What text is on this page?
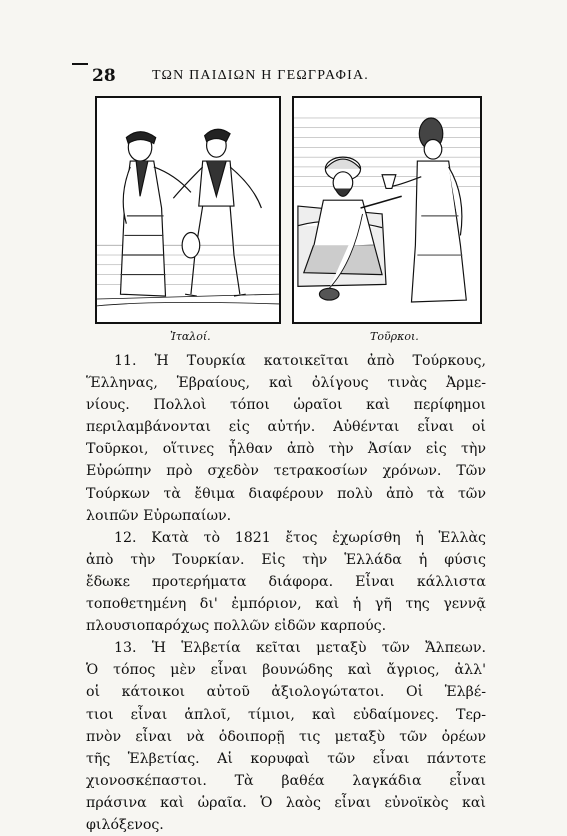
28	ΤΩΝ ΠΑΙΔΙΩΝ Η ΓΕΩΓΡΑΦΙΑ.
Ἰταλοί.	Τοῦρκοι.
11. Ἡ Τουρκία κατοικεῖται ἀπὸ Τούρκους,
Ἕλληνας, Ἑβραίους, καὶ ὀλίγους τινὰς Ἀρμε-
νίους. Πολλοὶ τόποι ὡραῖοι καὶ περίφημοι
περιλαμβάνονται εἰς αὐτήν. Αὐθένται εἶναι οἱ
Τοῦρκοι, οἵτινες ἦλθαν ἀπὸ τὴν Ἀσίαν εἰς τὴν
Εὐρώπην πρὸ σχεδὸν τετρακοσίων χρόνων. Τῶν
Τούρκων τὰ ἔθιμα διαφέρουν πολὺ ἀπὸ τὰ τῶν
λοιπῶν Εὐρωπαίων.
12. Κατὰ τὸ 1821 ἔτος ἐχωρίσθη ἡ Ἑλλὰς
ἀπὸ τὴν Τουρκίαν. Εἰς τὴν Ἑλλάδα ἡ φύσις
ἔδωκε προτερήματα διάφορα. Εἶναι κάλλιστα
τοποθετημένη δι' ἐμπόριον, καὶ ἡ γῆ της γεννᾷ
πλουσιοπαρόχως πολλῶν εἰδῶν καρπούς.
13. Ἡ Ἑλβετία κεῖται μεταξὺ τῶν Ἄλπεων.
Ὁ τόπος μὲν εἶναι βουνώδης καὶ ἄγριος, ἀλλ'
οἱ κάτοικοι αὐτοῦ ἀξιολογώτατοι. Οἱ Ἑλβέ-
τιοι εἶναι ἁπλοῖ, τίμιοι, καὶ εὐδαίμονες. Τερ-
πνὸν εἶναι νὰ ὁδοιπορῇ τις μεταξὺ τῶν ὀρέων
τῆς Ἑλβετίας. Αἱ κορυφαὶ τῶν εἶναι πάντοτε
χιονοσκέπαστοι. Τὰ βαθέα λαγκάδια εἶναι
πράσινα καὶ ὡραῖα. Ὁ λαὸς εἶναι εὐνοϊκὸς καὶ
φιλόξενος.
